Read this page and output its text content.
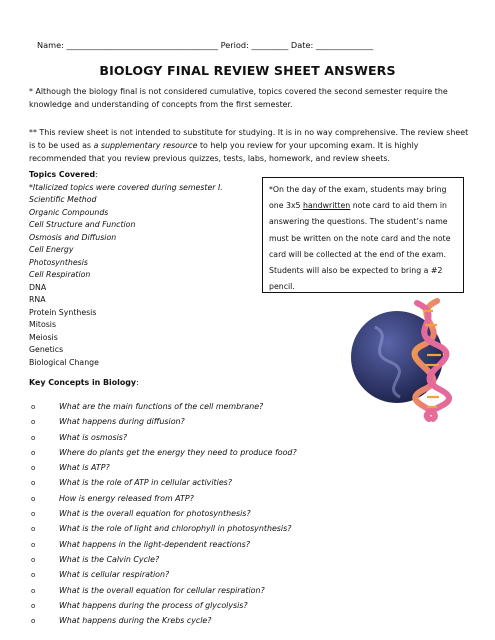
Name: _____________________________________ Period: _________ Date: ______________
BIOLOGY FINAL REVIEW SHEET ANSWERS
* Although the biology final is not considered cumulative, topics covered the second semester require the knowledge and understanding of concepts from the first semester.
** This review sheet is not intended to substitute for studying. It is in no way comprehensive. The review sheet is to be used as a supplementary resource to help you review for your upcoming exam. It is highly recommended that you review previous quizzes, tests, labs, homework, and review sheets.
Topics Covered:
*Italicized topics were covered during semester I.
Scientific Method
Organic Compounds
Cell Structure and Function
Osmosis and Diffusion
Cell Energy
Photosynthesis
Cell Respiration
DNA
RNA
Protein Synthesis
Mitosis
Meiosis
Genetics
Biological Change
*On the day of the exam, students may bring one 3x5 handwritten note card to aid them in answering the questions. The student’s name must be written on the note card and the note card will be collected at the end of the exam. Students will also be expected to bring a #2 pencil.
Key Concepts in Biology:
o	What are the main functions of the cell membrane?
o	What happens during diffusion?
o	What is osmosis?
o	Where do plants get the energy they need to produce food?
o	What is ATP?
o	What is the role of ATP in cellular activities?
o	How is energy released from ATP?
o	What is the overall equation for photosynthesis?
o	What is the role of light and chlorophyll in photosynthesis?
o	What happens in the light-dependent reactions?
o	What is the Calvin Cycle?
o	What is cellular respiration?
o	What is the overall equation for cellular respiration?
o	What happens during the process of glycolysis?
o	What happens during the Krebs cycle?
